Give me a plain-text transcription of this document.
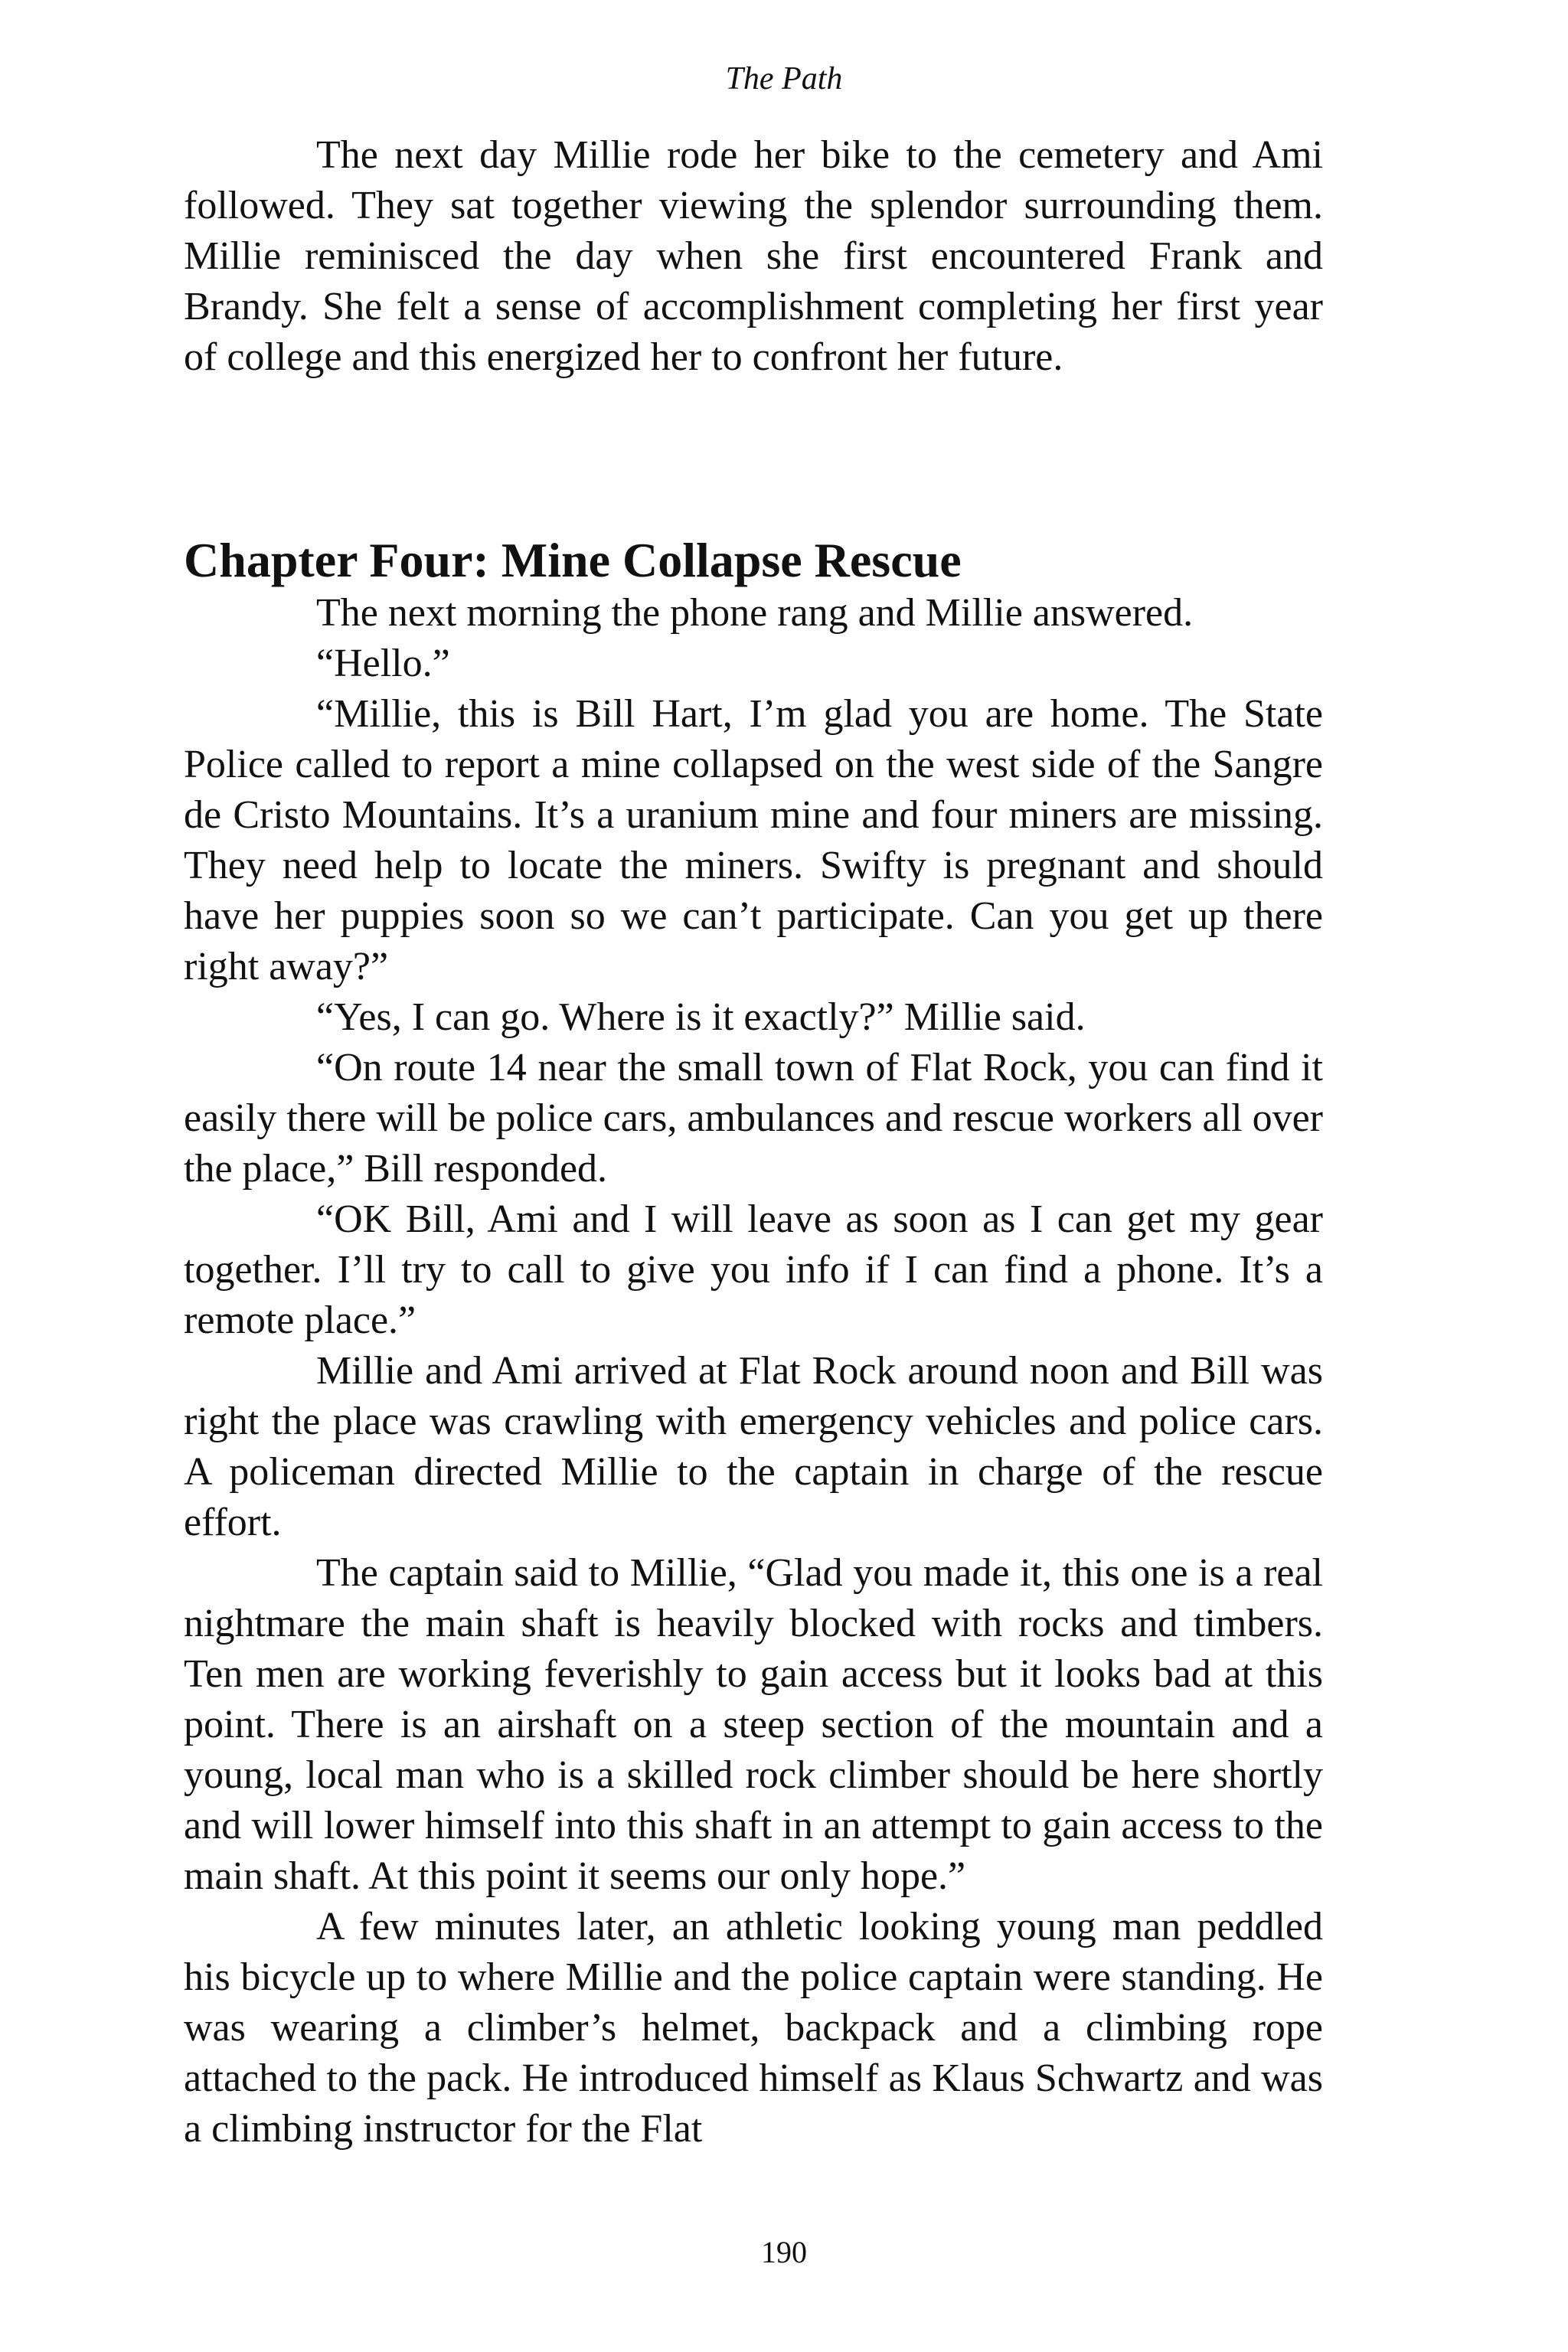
The Path

The next day Millie rode her bike to the cemetery and Ami followed. They sat together viewing the splendor surrounding them. Millie reminisced the day when she first encountered Frank and Brandy. She felt a sense of accomplishment completing her first year of college and this energized her to confront her future.

Chapter Four: Mine Collapse Rescue

The next morning the phone rang and Millie answered.

“Hello.”

“Millie, this is Bill Hart, I’m glad you are home. The State Police called to report a mine collapsed on the west side of the Sangre de Cristo Mountains. It’s a uranium mine and four miners are missing. They need help to locate the miners. Swifty is pregnant and should have her puppies soon so we can’t participate. Can you get up there right away?”

“Yes, I can go. Where is it exactly?” Millie said.

“On route 14 near the small town of Flat Rock, you can find it easily there will be police cars, ambulances and rescue workers all over the place,” Bill responded.

“OK Bill, Ami and I will leave as soon as I can get my gear together. I’ll try to call to give you info if I can find a phone. It’s a remote place.”

Millie and Ami arrived at Flat Rock around noon and Bill was right the place was crawling with emergency vehicles and police cars. A policeman directed Millie to the captain in charge of the rescue effort.

The captain said to Millie, “Glad you made it, this one is a real nightmare the main shaft is heavily blocked with rocks and timbers. Ten men are working feverishly to gain access but it looks bad at this point. There is an airshaft on a steep section of the mountain and a young, local man who is a skilled rock climber should be here shortly and will lower himself into this shaft in an attempt to gain access to the main shaft. At this point it seems our only hope.”

A few minutes later, an athletic looking young man peddled his bicycle up to where Millie and the police captain were standing. He was wearing a climber’s helmet, backpack and a climbing rope attached to the pack. He introduced himself as Klaus Schwartz and was a climbing instructor for the Flat

190
